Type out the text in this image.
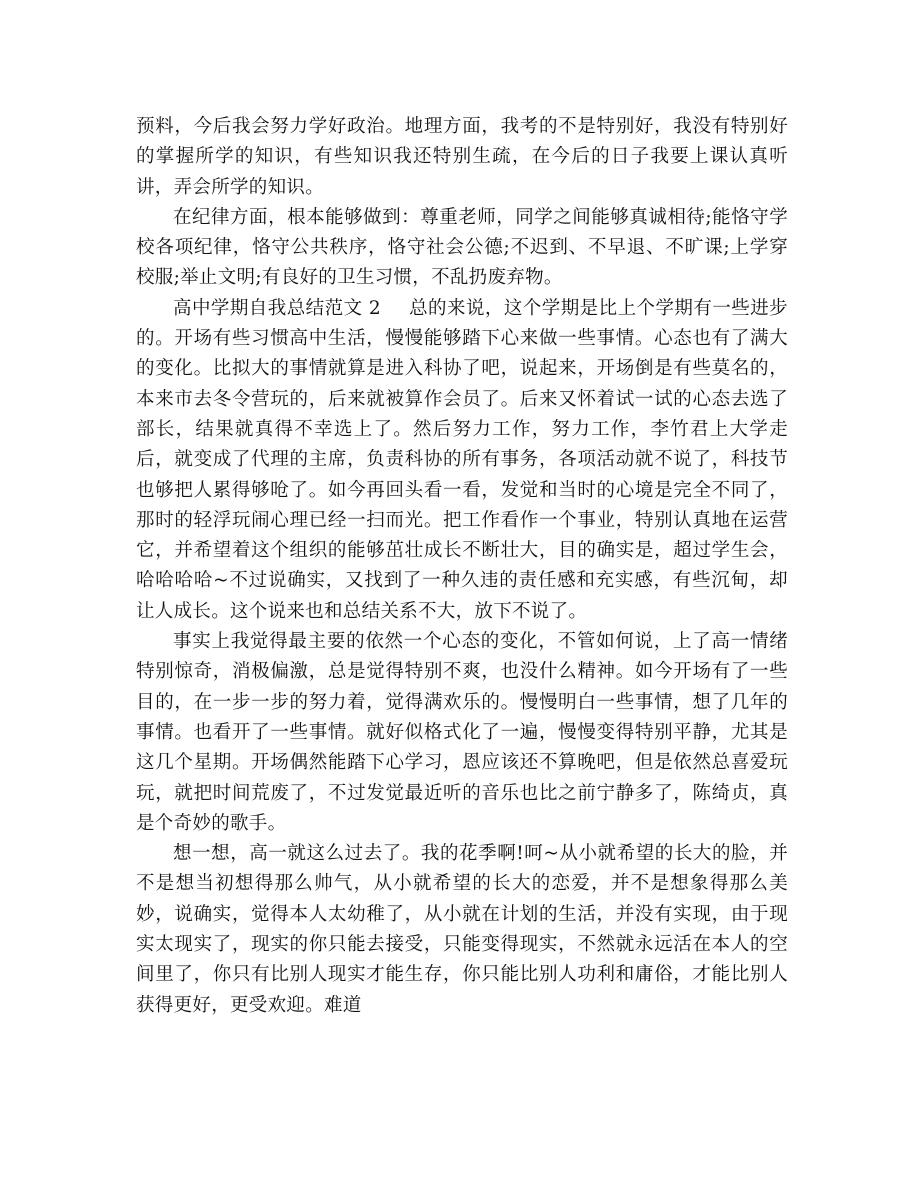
预料，今后我会努力学好政治。地理方面，我考的不是特别好，我没有特别好的掌握所学的知识，有些知识我还特别生疏，在今后的日子我要上课认真听讲，弄会所学的知识。

在纪律方面，根本能够做到：尊重老师，同学之间能够真诚相待;能恪守学校各项纪律，恪守公共秩序，恪守社会公德;不迟到、不早退、不旷课;上学穿校服;举止文明;有良好的卫生习惯，不乱扔废弃物。

高中学期自我总结范文 2 总的来说，这个学期是比上个学期有一些进步的。开场有些习惯高中生活，慢慢能够踏下心来做一些事情。心态也有了满大的变化。比拟大的事情就算是进入科协了吧，说起来，开场倒是有些莫名的，本来市去冬令营玩的，后来就被算作会员了。后来又怀着试一试的心态去选了部长，结果就真得不幸选上了。然后努力工作，努力工作，李竹君上大学走后，就变成了代理的主席，负责科协的所有事务，各项活动就不说了，科技节也够把人累得够呛了。如今再回头看一看，发觉和当时的心境是完全不同了，那时的轻浮玩闹心理已经一扫而光。把工作看作一个事业，特别认真地在运营它，并希望着这个组织的能够茁壮成长不断壮大，目的确实是，超过学生会，哈哈哈哈~不过说确实，又找到了一种久违的责任感和充实感，有些沉甸，却让人成长。这个说来也和总结关系不大，放下不说了。

事实上我觉得最主要的依然一个心态的变化，不管如何说，上了高一情绪特别惊奇，消极偏激，总是觉得特别不爽，也没什么精神。如今开场有了一些目的，在一步一步的努力着，觉得满欢乐的。慢慢明白一些事情，想了几年的事情。也看开了一些事情。就好似格式化了一遍，慢慢变得特别平静，尤其是这几个星期。开场偶然能踏下心学习，恩应该还不算晚吧，但是依然总喜爱玩玩，就把时间荒废了，不过发觉最近听的音乐也比之前宁静多了，陈绮贞，真是个奇妙的歌手。

想一想，高一就这么过去了。我的花季啊!呵~从小就希望的长大的脸，并不是想当初想得那么帅气，从小就希望的长大的恋爱，并不是想象得那么美妙，说确实，觉得本人太幼稚了，从小就在计划的生活，并没有实现，由于现实太现实了，现实的你只能去接受，只能变得现实，不然就永远活在本人的空间里了，你只有比别人现实才能生存，你只能比别人功利和庸俗，才能比别人获得更好，更受欢迎。难道
